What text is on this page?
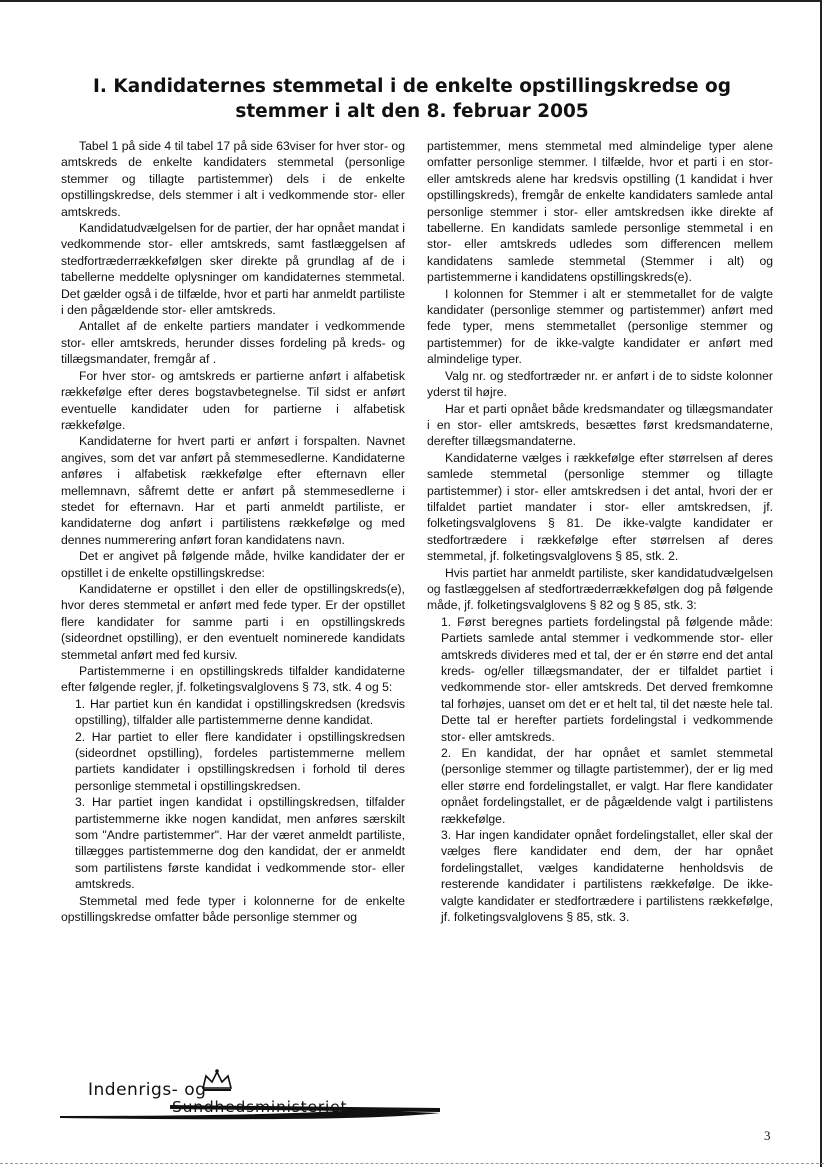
I. Kandidaternes stemmetal i de enkelte opstillingskredse og stemmer i alt den 8. februar 2005

Tabel 1 på side 4 til tabel 17 på side 63viser for hver stor- og amtskreds de enkelte kandidaters stemmetal (personlige stemmer og tillagte partistemmer) dels i de enkelte opstillingskredse, dels stemmer i alt i vedkommende stor- eller amtskreds.

Kandidatudvælgelsen for de partier, der har opnået mandat i vedkommende stor- eller amtskreds, samt fastlæggelsen af stedfortræderrækkefølgen sker direkte på grundlag af de i tabellerne meddelte oplysninger om kandidaternes stemmetal. Det gælder også i de tilfælde, hvor et parti har anmeldt partiliste i den pågældende stor- eller amtskreds.

Antallet af de enkelte partiers mandater i vedkommende stor- eller amtskreds, herunder disses fordeling på kreds- og tillægsmandater, fremgår af .

For hver stor- og amtskreds er partierne anført i alfabetisk rækkefølge efter deres bogstavbetegnelse. Til sidst er anført eventuelle kandidater uden for partierne i alfabetisk rækkefølge.

Kandidaterne for hvert parti er anført i forspalten. Navnet angives, som det var anført på stemmesedlerne. Kandidaterne anføres i alfabetisk rækkefølge efter efternavn eller mellemnavn, såfremt dette er anført på stemmesedlerne i stedet for efternavn. Har et parti anmeldt partiliste, er kandidaterne dog anført i partilistens rækkefølge og med dennes nummerering anført foran kandidatens navn.

Det er angivet på følgende måde, hvilke kandidater der er opstillet i de enkelte opstillingskredse:

Kandidaterne er opstillet i den eller de opstillingskreds(e), hvor deres stemmetal er anført med fede typer. Er der opstillet flere kandidater for samme parti i en opstillingskreds (sideordnet opstilling), er den eventuelt nominerede kandidats stemmetal anført med fed kursiv.

Partistemmerne i en opstillingskreds tilfalder kandidaterne efter følgende regler, jf. folketingsvalglovens § 73, stk. 4 og 5:

1. Har partiet kun én kandidat i opstillingskredsen (kredsvis opstilling), tilfalder alle partistemmerne denne kandidat.

2. Har partiet to eller flere kandidater i opstillingskredsen (sideordnet opstilling), fordeles partistemmerne mellem partiets kandidater i opstillingskredsen i forhold til deres personlige stemmetal i opstillingskredsen.

3. Har partiet ingen kandidat i opstillingskredsen, tilfalder partistemmerne ikke nogen kandidat, men anføres særskilt som "Andre partistemmer". Har der været anmeldt partiliste, tillægges partistemmerne dog den kandidat, der er anmeldt som partilistens første kandidat i vedkommende stor- eller amtskreds.

Stemmetal med fede typer i kolonnerne for de enkelte opstillingskredse omfatter både personlige stemmer og

partistemmer, mens stemmetal med almindelige typer alene omfatter personlige stemmer. I tilfælde, hvor et parti i en stor- eller amtskreds alene har kredsvis opstilling (1 kandidat i hver opstillingskreds), fremgår de enkelte kandidaters samlede antal personlige stemmer i stor- eller amtskredsen ikke direkte af tabellerne. En kandidats samlede personlige stemmetal i en stor- eller amtskreds udledes som differencen mellem kandidatens samlede stemmetal (Stemmer i alt) og partistemmerne i kandidatens opstillingskreds(e).

I kolonnen for Stemmer i alt er stemmetallet for de valgte kandidater (personlige stemmer og partistemmer) anført med fede typer, mens stemmetallet (personlige stemmer og partistemmer) for de ikke-valgte kandidater er anført med almindelige typer.

Valg nr. og stedfortræder nr. er anført i de to sidste kolonner yderst til højre.

Har et parti opnået både kredsmandater og tillægsmandater i en stor- eller amtskreds, besættes først kredsmandaterne, derefter tillægsmandaterne.

Kandidaterne vælges i rækkefølge efter størrelsen af deres samlede stemmetal (personlige stemmer og tillagte partistemmer) i stor- eller amtskredsen i det antal, hvori der er tilfaldet partiet mandater i stor- eller amtskredsen, jf. folketingsvalglovens § 81. De ikke-valgte kandidater er stedfortrædere i rækkefølge efter størrelsen af deres stemmetal, jf. folketingsvalglovens § 85, stk. 2.

Hvis partiet har anmeldt partiliste, sker kandidatudvælgelsen og fastlæggelsen af stedfortræderrækkefølgen dog på følgende måde, jf. folketingsvalglovens § 82 og § 85, stk. 3:

1. Først beregnes partiets fordelingstal på følgende måde: Partiets samlede antal stemmer i vedkommende stor- eller amtskreds divideres med et tal, der er én større end det antal kreds- og/eller tillægsmandater, der er tilfaldet partiet i vedkommende stor- eller amtskreds. Det derved fremkomne tal forhøjes, uanset om det er et helt tal, til det næste hele tal. Dette tal er herefter partiets fordelingstal i vedkommende stor- eller amtskreds.

2. En kandidat, der har opnået et samlet stemmetal (personlige stemmer og tillagte partistemmer), der er lig med eller større end fordelingstallet, er valgt. Har flere kandidater opnået fordelingstallet, er de pågældende valgt i partilistens rækkefølge.

3. Har ingen kandidater opnået fordelingstallet, eller skal der vælges flere kandidater end dem, der har opnået fordelingstallet, vælges kandidaterne henholdsvis de resterende kandidater i partilistens rækkefølge. De ikke-valgte kandidater er stedfortrædere i partilistens rækkefølge, jf. folketingsvalglovens § 85, stk. 3.

Indenrigs- og
Sundhedsministeriet
3
